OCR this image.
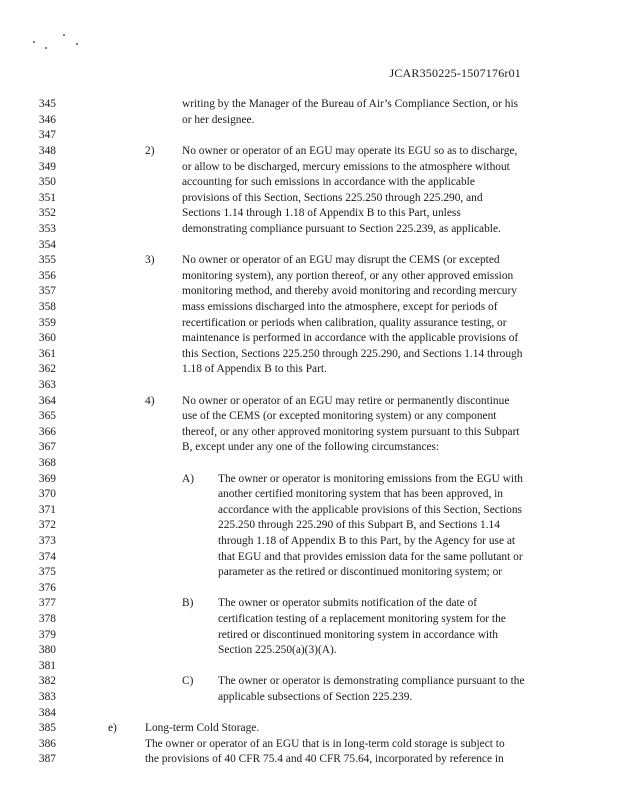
JCAR350225-1507176r01
345	writing by the Manager of the Bureau of Air’s Compliance Section, or his
346	or her designee.
347
348	2) No owner or operator of an EGU may operate its EGU so as to discharge,
349	or allow to be discharged, mercury emissions to the atmosphere without
350	accounting for such emissions in accordance with the applicable
351	provisions of this Section, Sections 225.250 through 225.290, and
352	Sections 1.14 through 1.18 of Appendix B to this Part, unless
353	demonstrating compliance pursuant to Section 225.239, as applicable.
354
355	3) No owner or operator of an EGU may disrupt the CEMS (or excepted
356	monitoring system), any portion thereof, or any other approved emission
357	monitoring method, and thereby avoid monitoring and recording mercury
358	mass emissions discharged into the atmosphere, except for periods of
359	recertification or periods when calibration, quality assurance testing, or
360	maintenance is performed in accordance with the applicable provisions of
361	this Section, Sections 225.250 through 225.290, and Sections 1.14 through
362	1.18 of Appendix B to this Part.
363
364	4) No owner or operator of an EGU may retire or permanently discontinue
365	use of the CEMS (or excepted monitoring system) or any component
366	thereof, or any other approved monitoring system pursuant to this Subpart
367	B, except under any one of the following circumstances:
368
369	A) The owner or operator is monitoring emissions from the EGU with
370	another certified monitoring system that has been approved, in
371	accordance with the applicable provisions of this Section, Sections
372	225.250 through 225.290 of this Subpart B, and Sections 1.14
373	through 1.18 of Appendix B to this Part, by the Agency for use at
374	that EGU and that provides emission data for the same pollutant or
375	parameter as the retired or discontinued monitoring system; or
376
377	B) The owner or operator submits notification of the date of
378	certification testing of a replacement monitoring system for the
379	retired or discontinued monitoring system in accordance with
380	Section 225.250(a)(3)(A).
381
382	C) The owner or operator is demonstrating compliance pursuant to the
383	applicable subsections of Section 225.239.
384
385	e) Long-term Cold Storage.
386	The owner or operator of an EGU that is in long-term cold storage is subject to
387	the provisions of 40 CFR 75.4 and 40 CFR 75.64, incorporated by reference in
